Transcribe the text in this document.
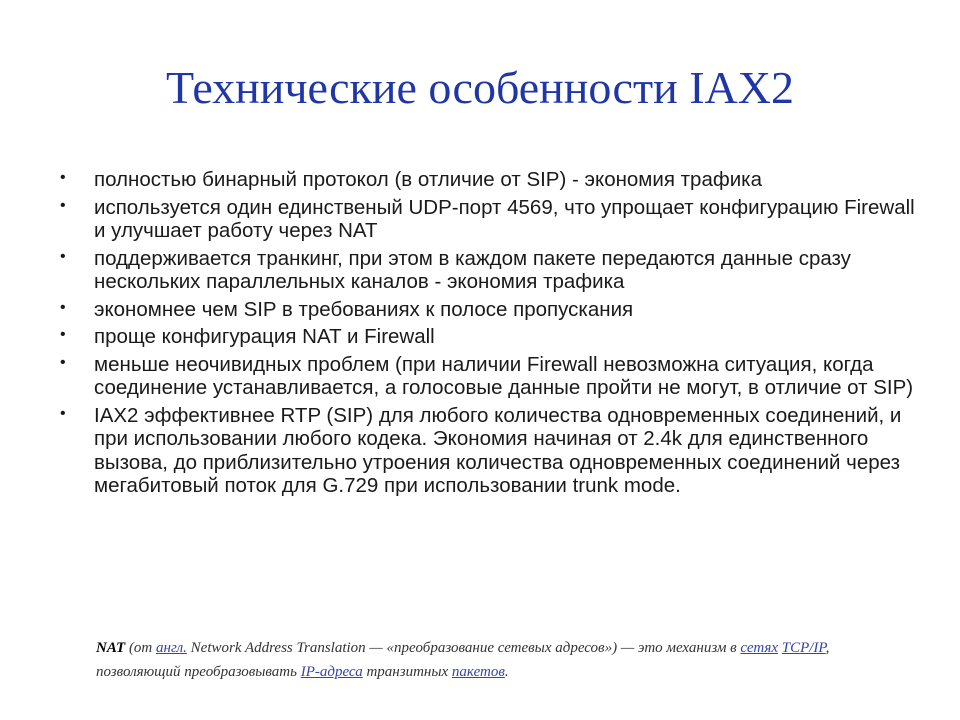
Технические особенности IAX2
• полностью бинарный протокол (в отличие от SIP) - экономия трафика
• используется один единственый UDP-порт 4569, что упрощает конфигурацию Firewall и улучшает работу через NAT
• поддерживается транкинг, при этом в каждом пакете передаются данные сразу нескольких параллельных каналов - экономия трафика
• экономнее чем SIP в требованиях к полосе пропускания
• проще конфигурация NAT и Firewall
• меньше неочивидных проблем (при наличии Firewall невозможна ситуация, когда соединение устанавливается, а голосовые данные пройти не могут, в отличие от SIP)
• IAX2 эффективнее RTP (SIP) для любого количества одновременных соединений, и при использовании любого кодека. Экономия начиная от 2.4k для единственного вызова, до приблизительно утроения количества одновременных соединений через мегабитовый поток для G.729 при использовании trunk mode.
NAT (от англ. Network Address Translation — «преобразование сетевых адресов») — это механизм в сетях TCP/IP, позволяющий преобразовывать IP-адреса транзитных пакетов.
